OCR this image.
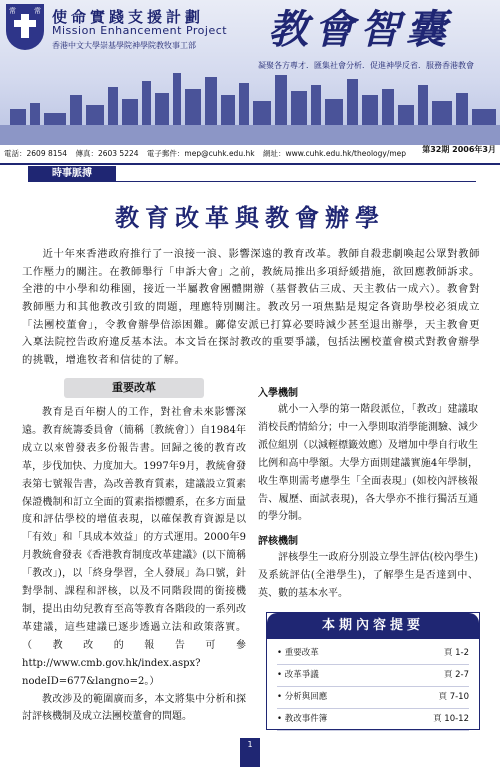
常	常 使命實踐支援計劃
Mission Enhancement Project
香港中文大學崇基學院神學院教牧事工部 教會智囊
凝聚各方專才．匯集社會分析．促進神學反省．服務香港教會
電話：2609 8154 傳真：2603 5224 電子郵件：mep@cuhk.edu.hk 網址：www.cuhk.edu.hk/theology/mep	第32期 2006年3月
時事脈搏
教育改革與教會辦學

近十年來香港政府推行了一浪接一浪、影響深遠的教育改革。教師自殺悲劇喚起公眾對教師工作壓力的關注。在教師舉行「申訴大會」之前，教統局推出多項紓緩措施，欲回應教師訴求。全港的中小學和幼稚園，接近一半屬教會團體開辦（基督教佔三成、天主教佔一成六）。教會對教師壓力和其他教改引致的問題，理應特別關注。教改另一項焦點是規定各資助學校必須成立「法團校董會」，令教會辦學倍添困難。鄺偉安派已打算必要時減少甚至退出辦學，天主教會更入稟法院控告政府違反基本法。本文旨在探討教改的重要爭議，包括法團校董會模式對教會辦學的挑戰，增進牧者和信徒的了解。

重要改革

教育是百年樹人的工作，對社會未來影響深遠。教育統籌委員會（簡稱〔教統會〕）自1984年成立以來曾發表多份報告書。回歸之後的教育改革，步伐加快、力度加大。1997年9月，教統會發表第七號報告書，為改善教育質素，建議設立質素保證機制和訂立全面的質素指標體系，在多方面量度和評估學校的增值表現，以確保教育資源是以「有效」和「具成本效益」的方式運用。2000年9月教統會發表《香港教育制度改革建議》(以下簡稱「教改」)，以「終身學習，全人發展」為口號，針對學制、課程和評核，以及不同階段間的銜接機制，提出由幼兒教育至高等教育各階段的一系列改革建議，這些建議已逐步透過立法和政策落實。（教改的報告可參http://www.cmb.gov.hk/index.aspx?nodeID=677&langno=2。）

教改涉及的範圍廣而多，本文將集中分析和探討評核機制及成立法團校董會的問題。

入學機制

就小一入學的第一階段派位，「教改」建議取消校長酌情給分；中一入學則取消學能測驗、減少派位組別（以減輕標籤效應）及增加中學自行收生比例和高中學額。大學方面則建議實施4年學制，收生準則需考慮學生「全面表現」(如校內評核報告、履歷、面試表現)，各大學亦不推行獨活互通的學分制。

評核機制

評核學生一政府分別設立學生評估(校內學生)及系統評估(全港學生)，了解學生是否達到中、英、數的基本水平。

本期內容提要
• 重要改革	頁 1-2
• 改革爭議	頁 2-7
• 分析與回應	頁 7-10
• 教改事件簿	頁 10-12
1
